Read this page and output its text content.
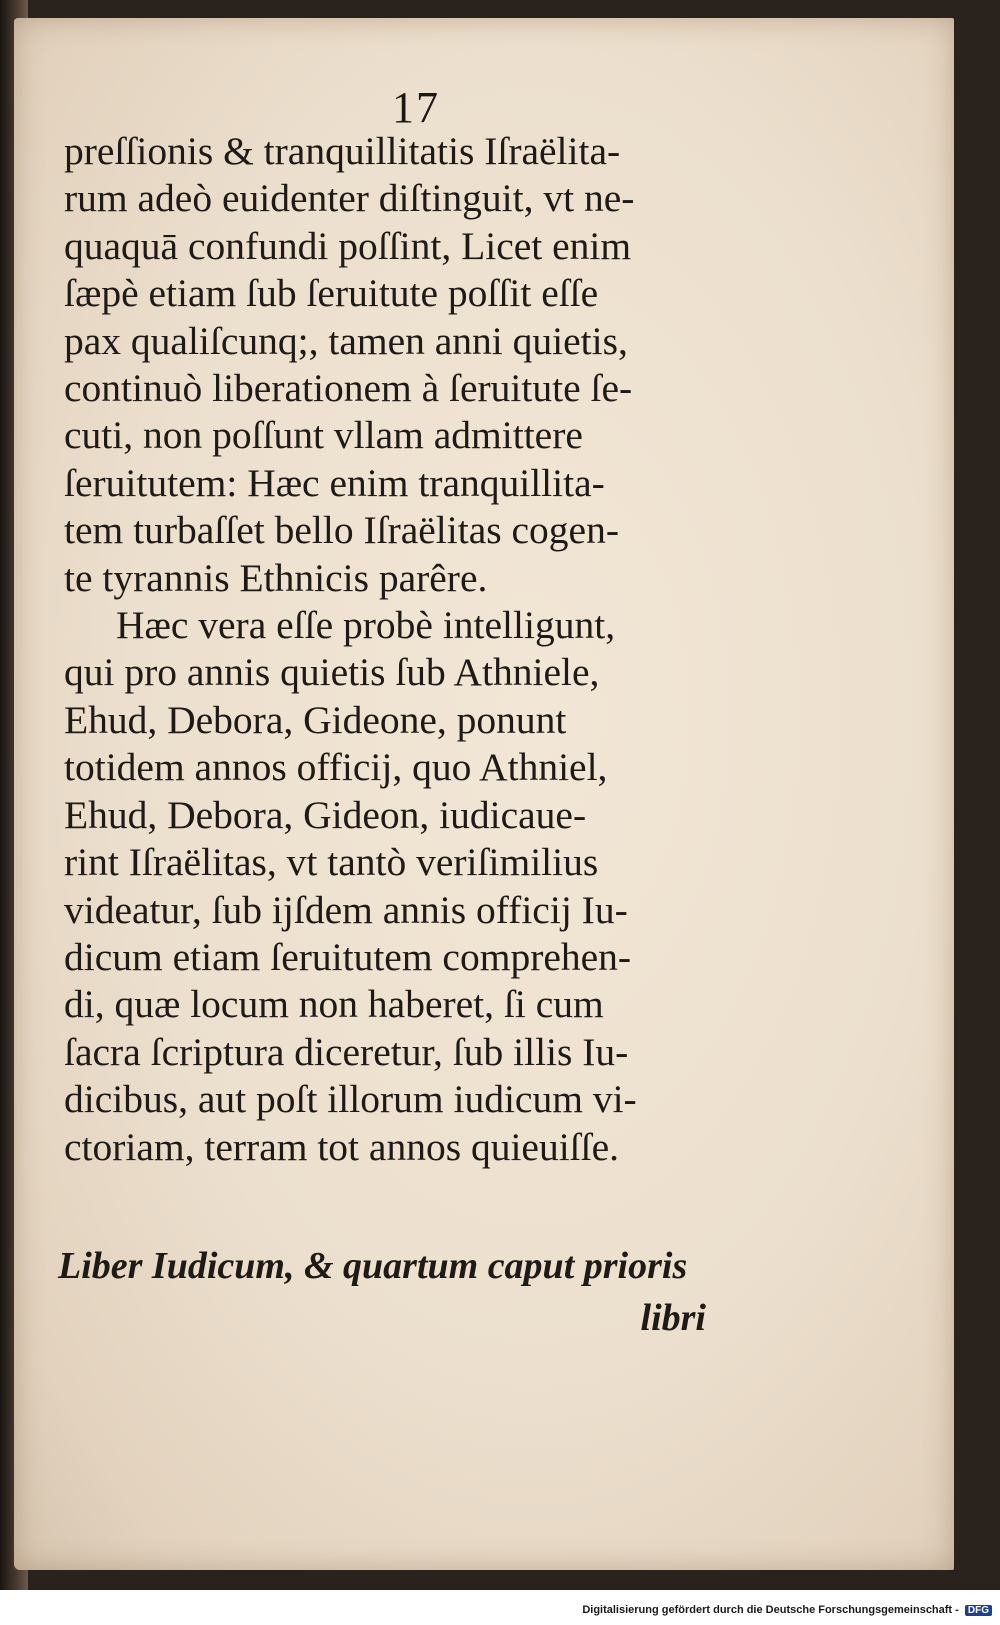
17
preſſionis & tranquillitatis Iſraëlita-
rum adeò euidenter diſtinguit, vt ne-
quaquā confundi poſſint, Licet enim
ſæpè etiam ſub ſeruitute poſſit eſſe
pax qualiſcunq;, tamen anni quietis,
continuò liberationem à ſeruitute ſe-
cuti, non poſſunt vllam admittere
ſeruitutem: Hæc enim tranquillita-
tem turbaſſet bello Iſraëlitas cogen-
te tyrannis Ethnicis parêre.
Hæc vera eſſe probè intelligunt,
qui pro annis quietis ſub Athniele,
Ehud, Debora, Gideone, ponunt
totidem annos officij, quo Athniel,
Ehud, Debora, Gideon, iudicaue-
rint Iſraëlitas, vt tantò veriſimilius
videatur, ſub ijſdem annis officij Iu-
dicum etiam ſeruitutem comprehen-
di, quæ locum non haberet, ſi cum
ſacra ſcriptura diceretur, ſub illis Iu-
dicibus, aut poſt illorum iudicum vi-
ctoriam, terram tot annos quieuiſſe.
Liber Iudicum, & quartum caput prioris
libri
Digitalisierung gefördert durch die Deutsche Forschungsgemeinschaft - DFG
